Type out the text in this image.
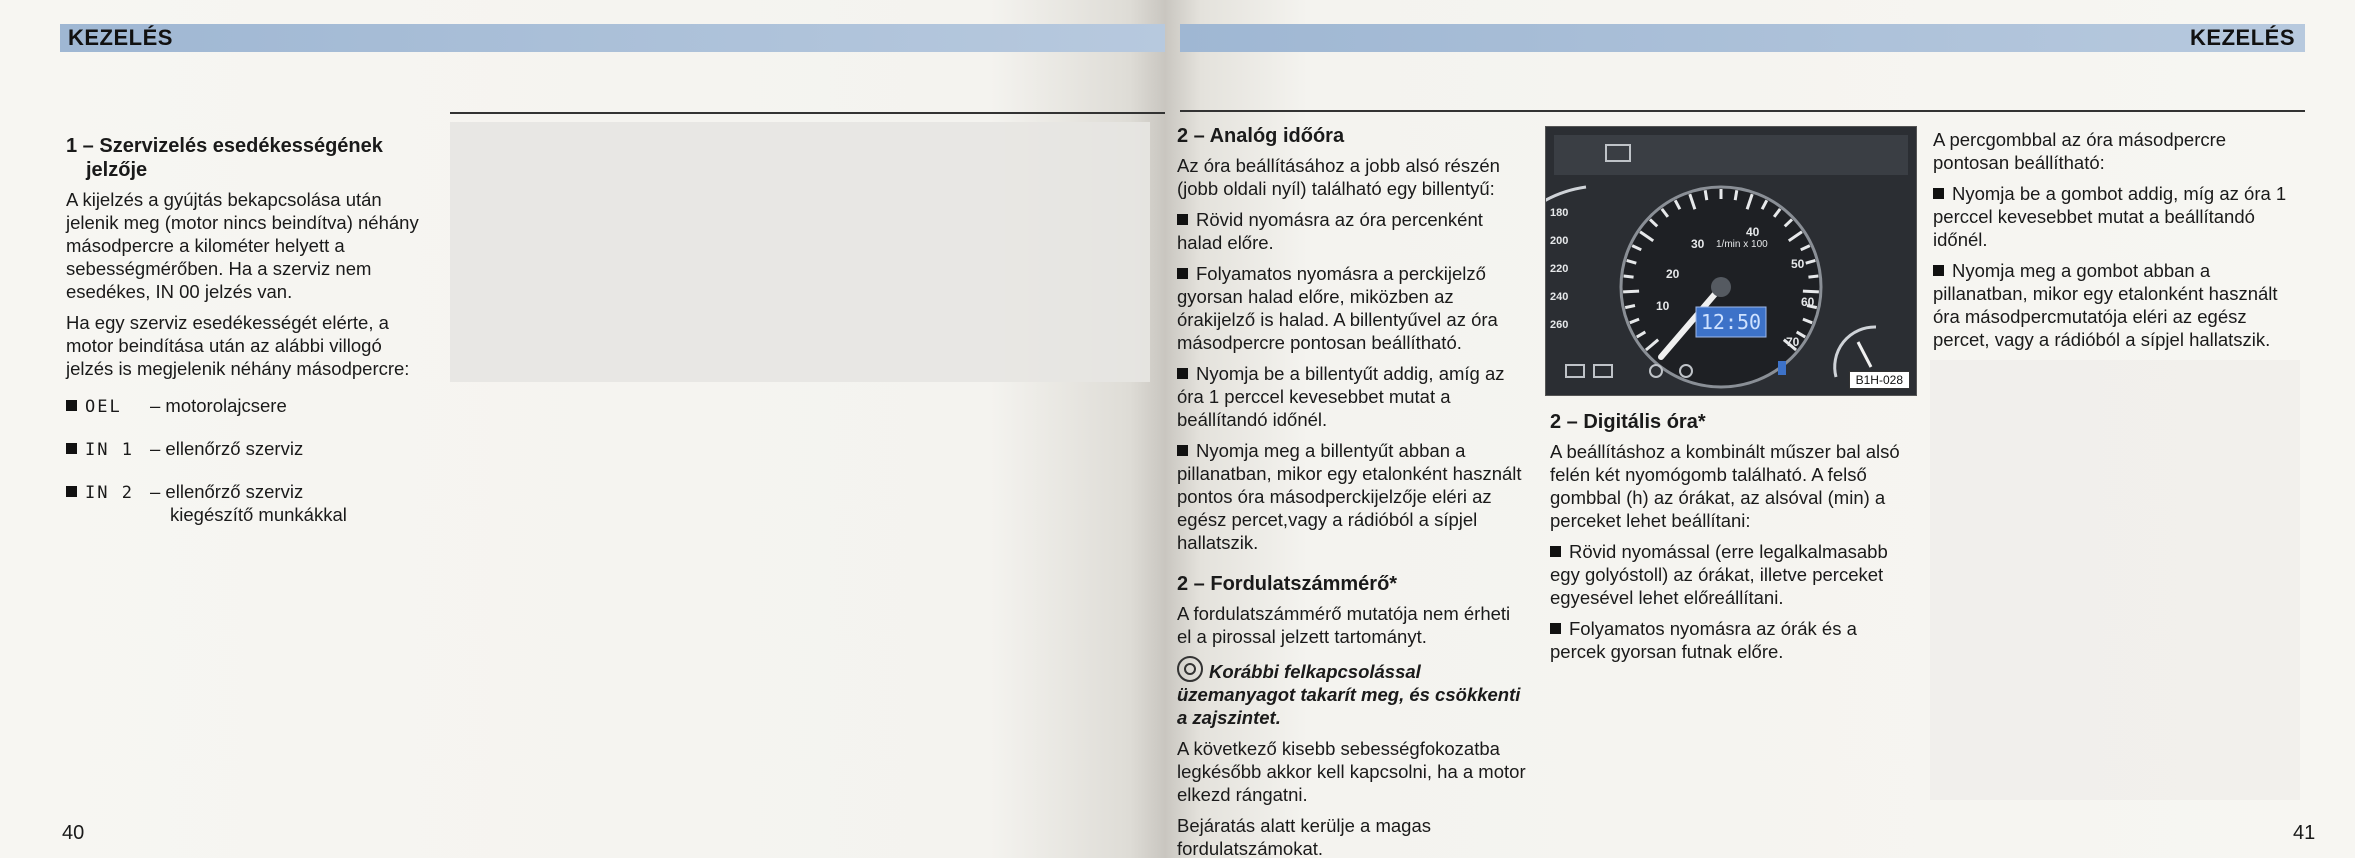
KEZELÉS
1 – Szervizelés esedékességének
jelzője

A kijelzés a gyújtás bekapcsolása után jelenik meg (motor nincs beindítva) néhány másodpercre a kilométer helyett a sebességmérőben. Ha a szerviz nem esedékes, IN 00 jelzés van.

Ha egy szerviz esedékességét elérte, a motor beindítása után az alábbi villogó jelzés is megjelenik néhány másodpercre:

OEL	– motorolajcsere
IN 1 – ellenőrző szerviz
IN 2 – ellenőrző szerviz
kiegészítő munkákkal
40
KEZELÉS
2 – Analóg időóra

Az óra beállításához a jobb alsó részén (jobb oldali nyíl) található egy billentyű:

Rövid nyomásra az óra percenként halad előre.

Folyamatos nyomásra a perckijelző gyorsan halad előre, miközben az órakijelző is halad. A billentyűvel az óra másodpercre pontosan beállítható.

Nyomja be a billentyűt addig, amíg az óra 1 perccel kevesebbet mutat a beállítandó időnél.

Nyomja meg a billentyűt abban a pillanatban, mikor egy etalonként használt pontos óra másodperckijelzője eléri az egész percet,vagy a rádióból a sípjel hallatszik.

2 – Fordulatszámmérő*

A fordulatszámmérő mutatója nem érheti el a pirossal jelzett tartományt.

Korábbi felkapcsolással üzemanyagot takarít meg, és csökkenti a zajszintet.

A következő kisebb sebességfokozatba legkésőbb akkor kell kapcsolni, ha a motor elkezd rángatni.

Bejáratás alatt kerülje a magas fordulatszámokat.

12:50
1/min x 100
20
10
30
40
50
60
70
180
200
220
240
260
B1H-028
2 – Digitális óra*

A beállításhoz a kombinált műszer bal alsó felén két nyomógomb található. A felső gombbal (h) az órákat, az alsóval (min) a perceket lehet beállítani:

Rövid nyomással (erre legalkalmasabb egy golyóstoll) az órákat, illetve perceket egyesével lehet előreállítani.

Folyamatos nyomásra az órák és a percek gyorsan futnak előre.

A percgombbal az óra másodpercre pontosan beállítható:

Nyomja be a gombot addig, míg az óra 1 perccel kevesebbet mutat a beállítandó időnél.

Nyomja meg a gombot abban a pillanatban, mikor egy etalonként használt óra másodpercmutatója eléri az egész percet, vagy a rádióból a sípjel hallatszik.

41
